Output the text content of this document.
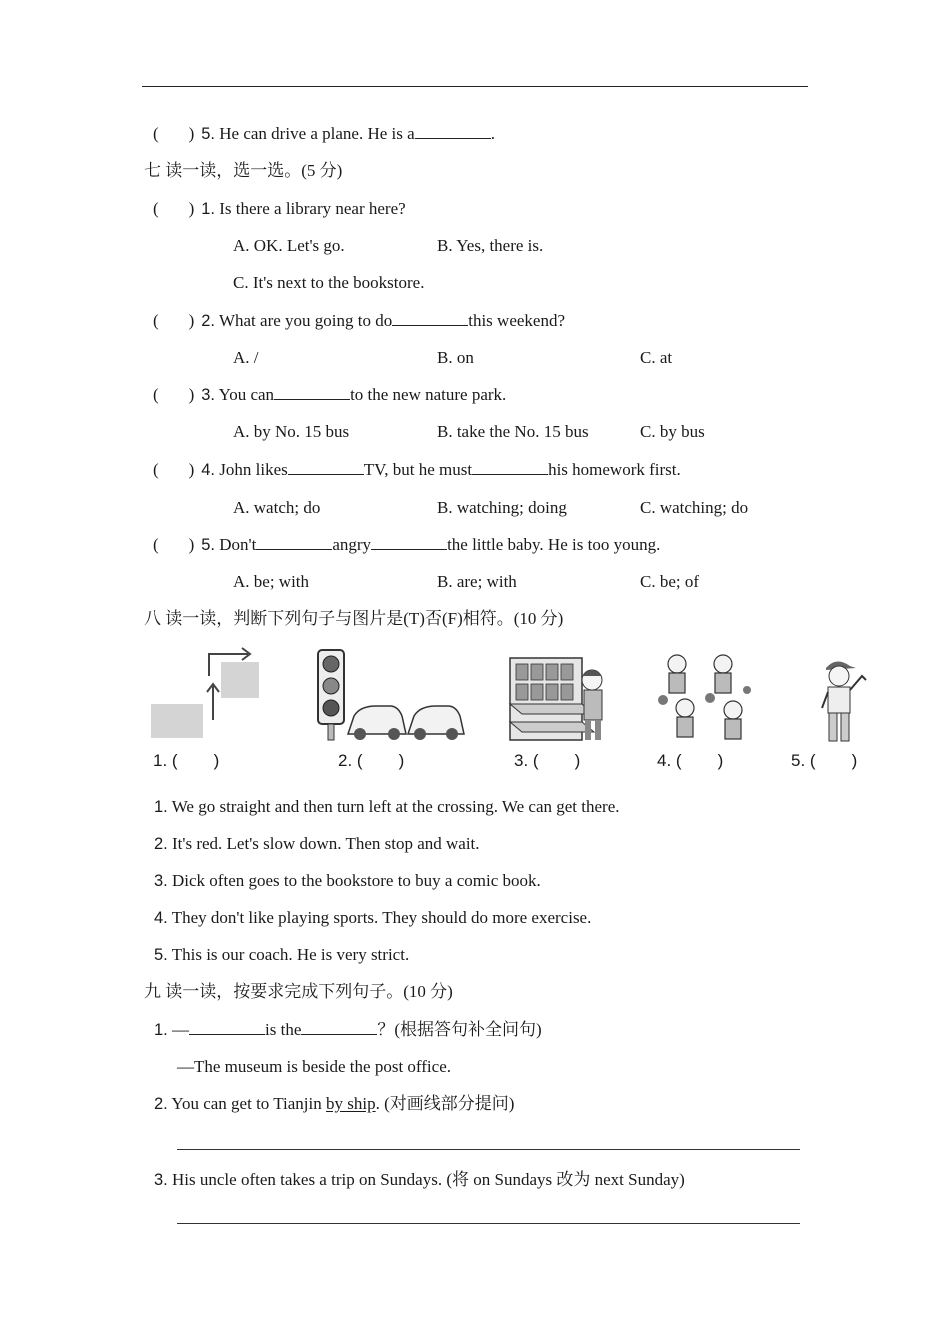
( ) 5. He can drive a plane. He is a	.
七 读一读，选一选。(5 分)
( ) 1. Is there a library near here?
A. OK. Let's go.	B. Yes, there is.
C. It's next to the bookstore.
( ) 2. What are you going to do	this weekend?
A. /	B. on	C. at
( ) 3. You can	to the new nature park.
A. by No. 15 bus	B. take the No. 15 bus	C. by bus
( ) 4. John likes	TV, but he must	his homework first.
A. watch; do	B. watching; doing	C. watching; do
( ) 5. Don't	angry	the little baby. He is too young.
A. be; with	B. are; with	C. be; of
八 读一读，判断下列句子与图片是(T)否(F)相符。(10 分)
1. ( )	2. ( )	3. ( )	4. ( )	5. ( )
1. We go straight and then turn left at the crossing. We can get there.
2. It's red. Let's slow down. Then stop and wait.
3. Dick often goes to the bookstore to buy a comic book.
4. They don't like playing sports. They should do more exercise.
5. This is our coach. He is very strict.
九 读一读，按要求完成下列句子。(10 分)
1. —	is the	？(根据答句补全问句)
—The museum is beside the post office.
2. You can get to Tianjin by ship. (对画线部分提问)
3. His uncle often takes a trip on Sundays. (将 on Sundays 改为 next Sunday)
